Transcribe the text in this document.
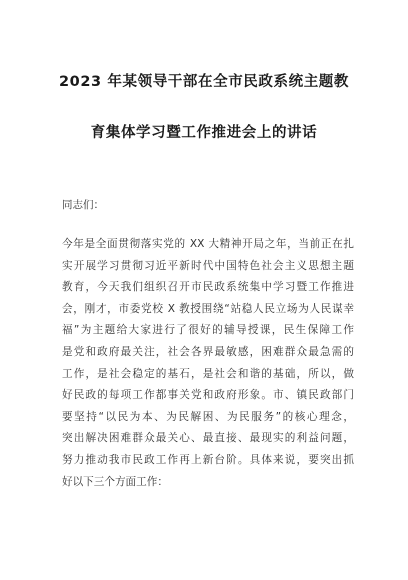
2023 年某领导干部在全市民政系统主题教
育集体学习暨工作推进会上的讲话
同志们：
今年是全面贯彻落实党的 XX 大精神开局之年，当前正在扎
实开展学习贯彻习近平新时代中国特色社会主义思想主题
教育，今天我们组织召开市民政系统集中学习暨工作推进
会，刚才，市委党校 X 教授围绕“站稳人民立场为人民谋幸
福”为主题给大家进行了很好的辅导授课，民生保障工作
是党和政府最关注，社会各界最敏感，困难群众最急需的
工作，是社会稳定的基石，是社会和谐的基础，所以，做
好民政的每项工作都事关党和政府形象。市、镇民政部门
要坚持“以民为本、为民解困、为民服务”的核心理念，
突出解决困难群众最关心、最直接、最现实的利益问题，
努力推动我市民政工作再上新台阶。具体来说，要突出抓
好以下三个方面工作：
